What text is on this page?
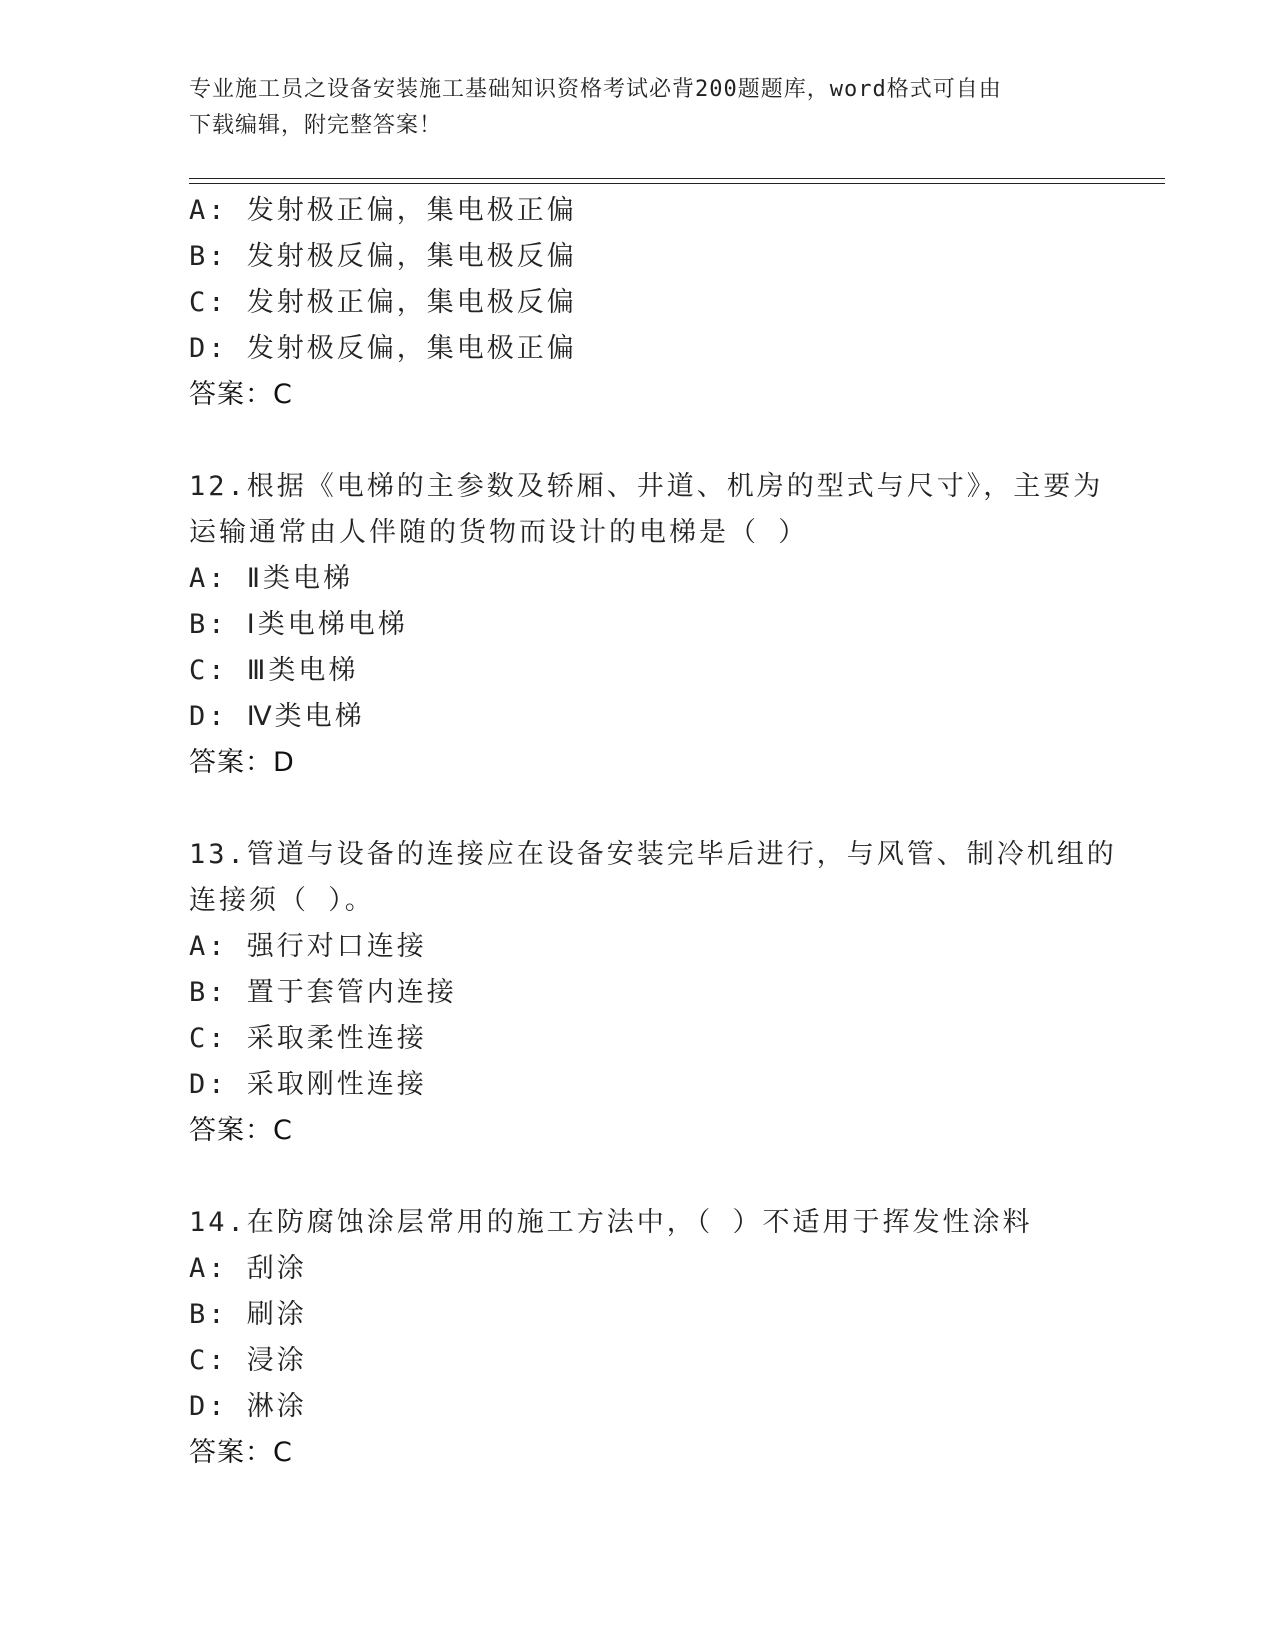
专业施工员之设备安装施工基础知识资格考试必背200题题库，word格式可自由
下载编辑，附完整答案！
A: 发射极正偏，集电极正偏
B: 发射极反偏，集电极反偏
C: 发射极正偏，集电极反偏
D: 发射极反偏，集电极正偏
答案：C
12.根据《电梯的主参数及轿厢、井道、机房的型式与尺寸》，主要为
运输通常由人伴随的货物而设计的电梯是（ ）
A: Ⅱ类电梯
B: Ⅰ类电梯电梯
C: Ⅲ类电梯
D: Ⅳ类电梯
答案：D
13.管道与设备的连接应在设备安装完毕后进行，与风管、制冷机组的
连接须（ ）。
A: 强行对口连接
B: 置于套管内连接
C: 采取柔性连接
D: 采取刚性连接
答案：C
14.在防腐蚀涂层常用的施工方法中，（ ）不适用于挥发性涂料
A: 刮涂
B: 刷涂
C: 浸涂
D: 淋涂
答案：C
